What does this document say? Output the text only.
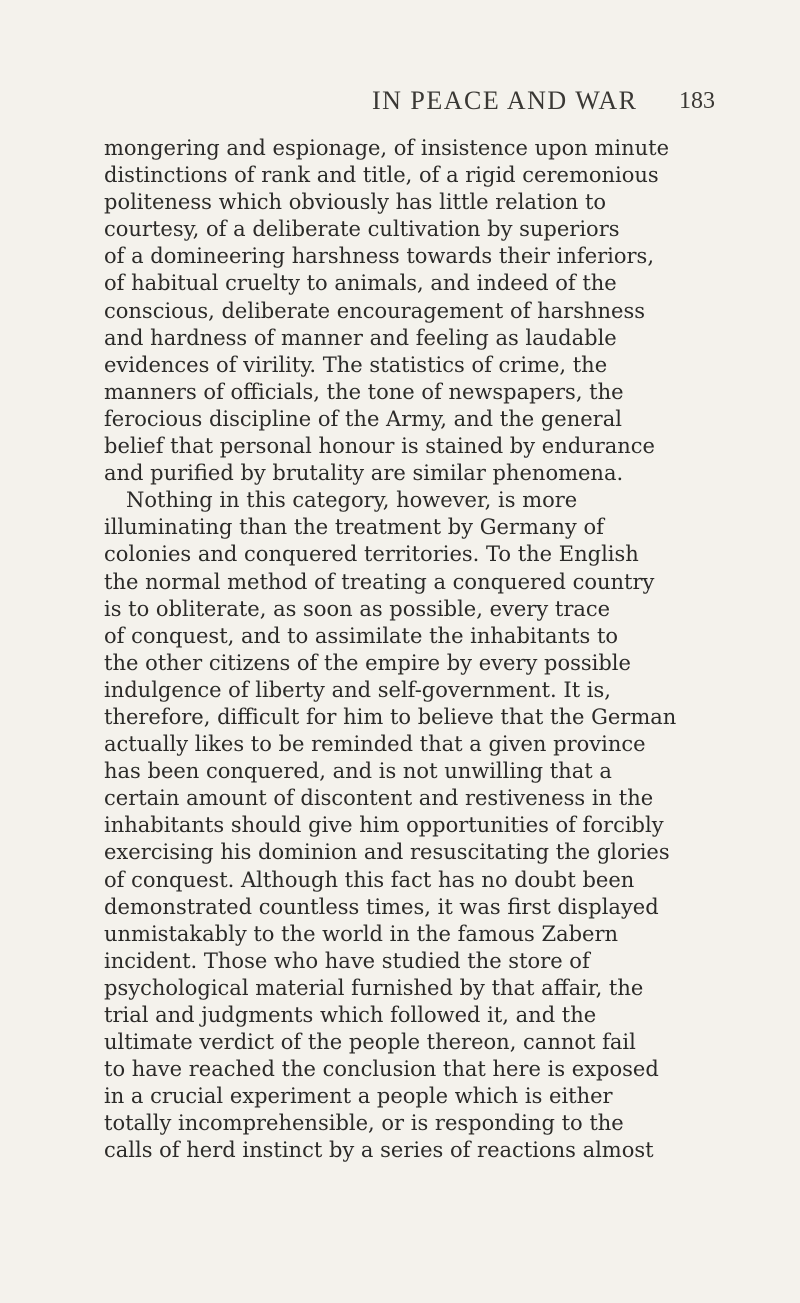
IN PEACE AND WAR 183
mongering and espionage, of insistence upon minute
distinctions of rank and title, of a rigid ceremonious
politeness which obviously has little relation to
courtesy, of a deliberate cultivation by superiors
of a domineering harshness towards their inferiors,
of habitual cruelty to animals, and indeed of the
conscious, deliberate encouragement of harshness
and hardness of manner and feeling as laudable
evidences of virility. The statistics of crime, the
manners of officials, the tone of newspapers, the
ferocious discipline of the Army, and the general
belief that personal honour is stained by endurance
and purified by brutality are similar phenomena.
Nothing in this category, however, is more
illuminating than the treatment by Germany of
colonies and conquered territories. To the English
the normal method of treating a conquered country
is to obliterate, as soon as possible, every trace
of conquest, and to assimilate the inhabitants to
the other citizens of the empire by every possible
indulgence of liberty and self-government. It is,
therefore, difficult for him to believe that the German
actually likes to be reminded that a given province
has been conquered, and is not unwilling that a
certain amount of discontent and restiveness in the
inhabitants should give him opportunities of forcibly
exercising his dominion and resuscitating the glories
of conquest. Although this fact has no doubt been
demonstrated countless times, it was first displayed
unmistakably to the world in the famous Zabern
incident. Those who have studied the store of
psychological material furnished by that affair, the
trial and judgments which followed it, and the
ultimate verdict of the people thereon, cannot fail
to have reached the conclusion that here is exposed
in a crucial experiment a people which is either
totally incomprehensible, or is responding to the
calls of herd instinct by a series of reactions almost
